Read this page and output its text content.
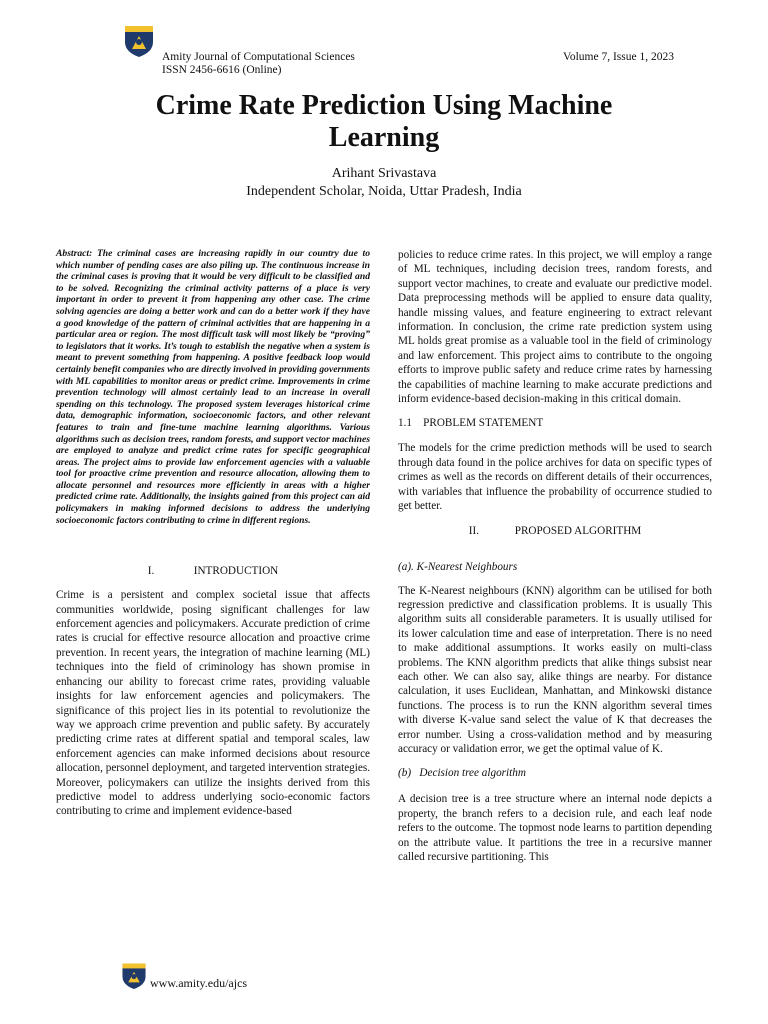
Amity Journal of Computational Sciences
ISSN 2456-6616 (Online)
Volume 7, Issue 1, 2023
Crime Rate Prediction Using Machine
Learning
Arihant Srivastava
Independent Scholar, Noida, Uttar Pradesh, India

Abstract: The criminal cases are increasing rapidly in our country due to which number of pending cases are also piling up. The continuous increase in the criminal cases is proving that it would be very difficult to be classified and to be solved. Recognizing the criminal activity patterns of a place is very important in order to prevent it from happening any other case. The crime solving agencies are doing a better work and can do a better work if they have a good knowledge of the pattern of criminal activities that are happening in a particular area or region. The most difficult task will most likely be “proving” to legislators that it works. It’s tough to establish the negative when a system is meant to prevent something from happening. A positive feedback loop would certainly benefit companies who are directly involved in providing governments with ML capabilities to monitor areas or predict crime. Improvements in crime prevention technology will almost certainly lead to an increase in overall spending on this technology. The proposed system leverages historical crime data, demographic information, socioeconomic factors, and other relevant features to train and fine-tune machine learning algorithms. Various algorithms such as decision trees, random forests, and support vector machines are employed to analyze and predict crime rates for specific geographical areas. The project aims to provide law enforcement agencies with a valuable tool for proactive crime prevention and resource allocation, allowing them to allocate personnel and resources more efficiently in areas with a higher predicted crime rate. Additionally, the insights gained from this project can aid policymakers in making informed decisions to address the underlying socioeconomic factors contributing to crime in different regions.

I.	INTRODUCTION

Crime is a persistent and complex societal issue that affects communities worldwide, posing significant challenges for law enforcement agencies and policymakers. Accurate prediction of crime rates is crucial for effective resource allocation and proactive crime prevention. In recent years, the integration of machine learning (ML) techniques into the field of criminology has shown promise in enhancing our ability to forecast crime rates, providing valuable insights for law enforcement agencies and policymakers. The significance of this project lies in its potential to revolutionize the way we approach crime prevention and public safety. By accurately predicting crime rates at different spatial and temporal scales, law enforcement agencies can make informed decisions about resource allocation, personnel deployment, and targeted intervention strategies. Moreover, policymakers can utilize the insights derived from this predictive model to address underlying socio-economic factors contributing to crime and implement evidence-based

policies to reduce crime rates. In this project, we will employ a range of ML techniques, including decision trees, random forests, and support vector machines, to create and evaluate our predictive model. Data preprocessing methods will be applied to ensure data quality, handle missing values, and feature engineering to extract relevant information. In conclusion, the crime rate prediction system using ML holds great promise as a valuable tool in the field of criminology and law enforcement. This project aims to contribute to the ongoing efforts to improve public safety and reduce crime rates by harnessing the capabilities of machine learning to make accurate predictions and inform evidence-based decision-making in this critical domain.

1.1 PROBLEM STATEMENT

The models for the crime prediction methods will be used to search through data found in the police archives for data on specific types of crimes as well as the records on different details of their occurrences, with variables that influence the probability of occurrence studied to get better.

II.	PROPOSED ALGORITHM

(a). K-Nearest Neighbours

The K-Nearest neighbours (KNN) algorithm can be utilised for both regression predictive and classification problems. It is usually This algorithm suits all considerable parameters. It is usually utilised for its lower calculation time and ease of interpretation. There is no need to make additional assumptions. It works easily on multi-class problems. The KNN algorithm predicts that alike things subsist near each other. We can also say, alike things are nearby. For distance calculation, it uses Euclidean, Manhattan, and Minkowski distance functions. The process is to run the KNN algorithm several times with diverse K-value sand select the value of K that decreases the error number. Using a cross-validation method and by measuring accuracy or validation error, we get the optimal value of K.

(b)   Decision tree algorithm

A decision tree is a tree structure where an internal node depicts a property, the branch refers to a decision rule, and each leaf node refers to the outcome. The topmost node learns to partition depending on the attribute value. It partitions the tree in a recursive manner called recursive partitioning. This

www.amity.edu/ajcs
